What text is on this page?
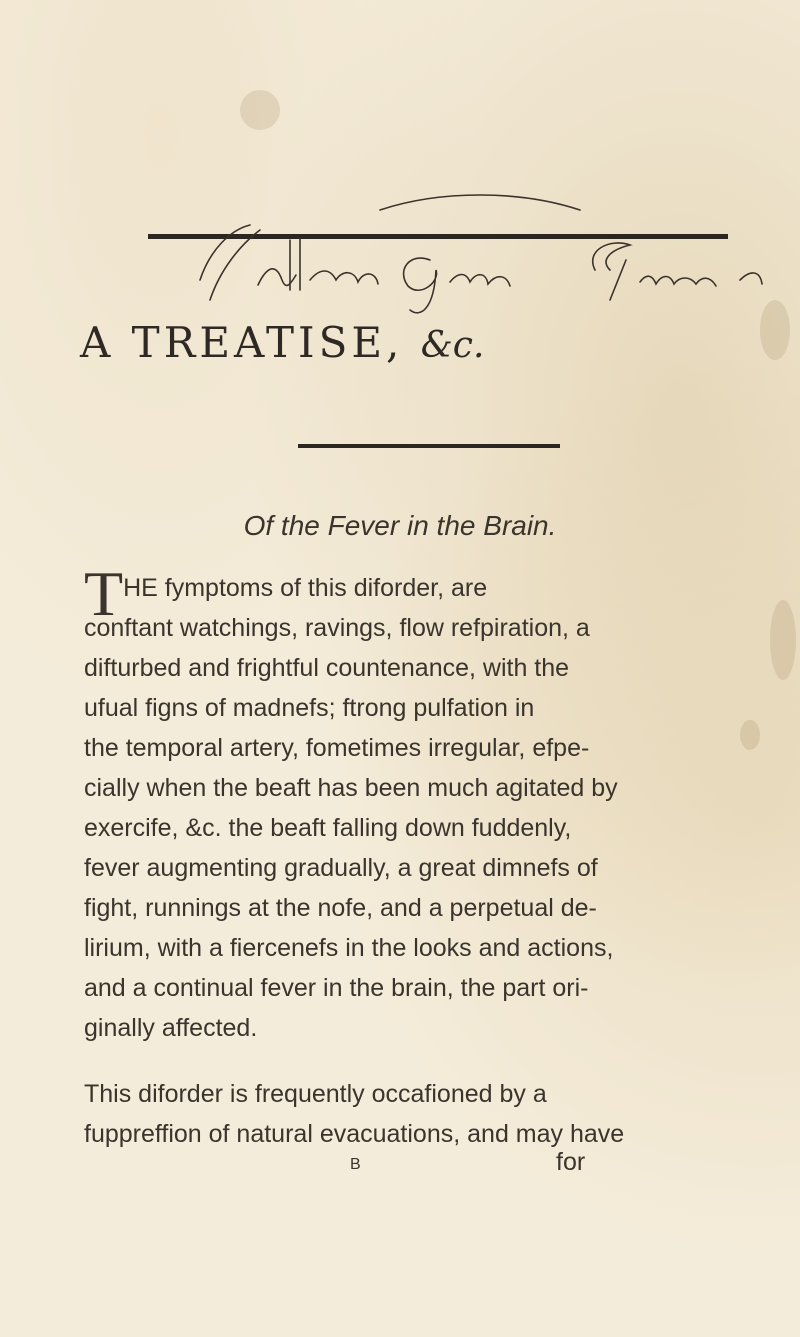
A TREATISE, &c.
Of the Fever in the Brain.
THE fymptoms of this diforder, are
conftant watchings, ravings, flow refpiration, a
difturbed and frightful countenance, with the
ufual figns of madnefs; ftrong pulfation in
the temporal artery, fometimes irregular, efpe-
cially when the beaft has been much agitated by
exercife, &c. the beaft falling down fuddenly,
fever augmenting gradually, a great dimnefs of
fight, runnings at the nofe, and a perpetual de-
lirium, with a fiercenefs in the looks and actions,
and a continual fever in the brain, the part ori-
ginally affected.
This diforder is frequently occafioned by a
fuppreffion of natural evacuations, and may have
B	for
